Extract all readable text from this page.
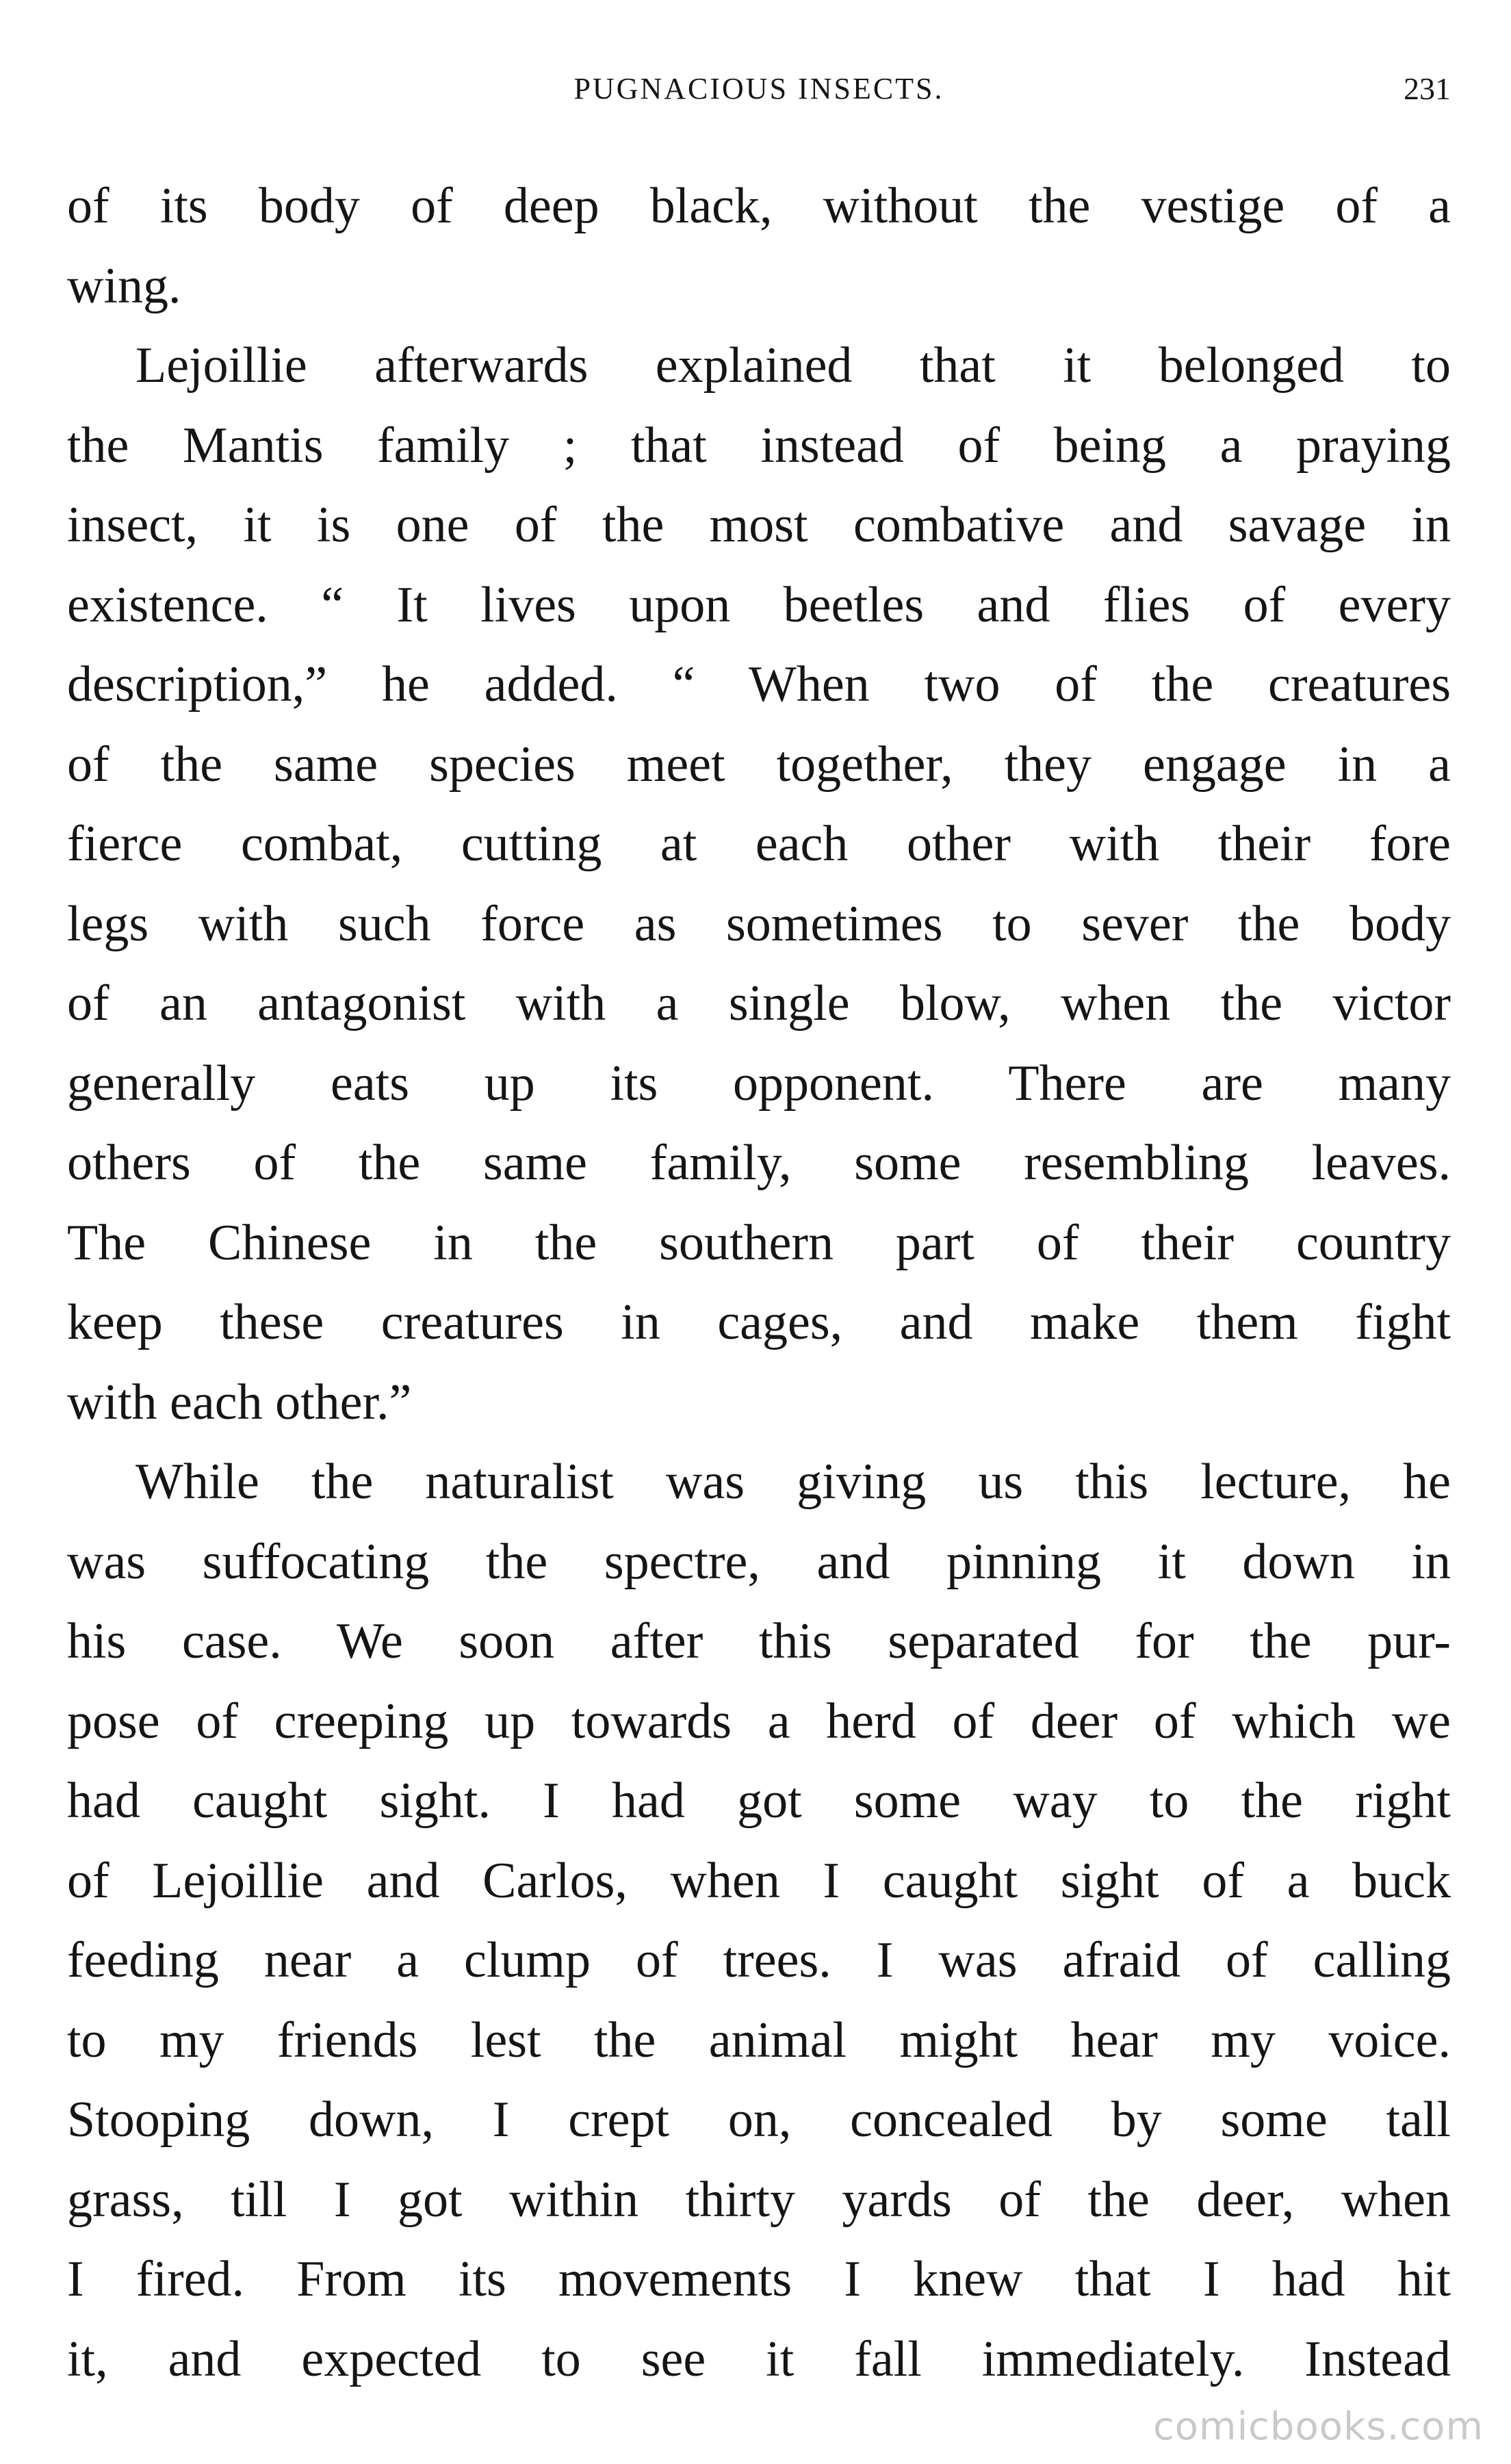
PUGNACIOUS INSECTS.	231
of its body of deep black, without the vestige of a
wing.
Lejoillie afterwards explained that it belonged to
the Mantis family ; that instead of being a praying
insect, it is one of the most combative and savage in
existence. “ It lives upon beetles and flies of every
description,” he added. “ When two of the creatures
of the same species meet together, they engage in a
fierce combat, cutting at each other with their fore
legs with such force as sometimes to sever the body
of an antagonist with a single blow, when the victor
generally eats up its opponent. There are many
others of the same family, some resembling leaves.
The Chinese in the southern part of their country
keep these creatures in cages, and make them fight
with each other.”
While the naturalist was giving us this lecture, he
was suffocating the spectre, and pinning it down in
his case. We soon after this separated for the pur-
pose of creeping up towards a herd of deer of which we
had caught sight. I had got some way to the right
of Lejoillie and Carlos, when I caught sight of a buck
feeding near a clump of trees. I was afraid of calling
to my friends lest the animal might hear my voice.
Stooping down, I crept on, concealed by some tall
grass, till I got within thirty yards of the deer, when
I fired. From its movements I knew that I had hit
it, and expected to see it fall immediately. Instead
comicbooks.com
